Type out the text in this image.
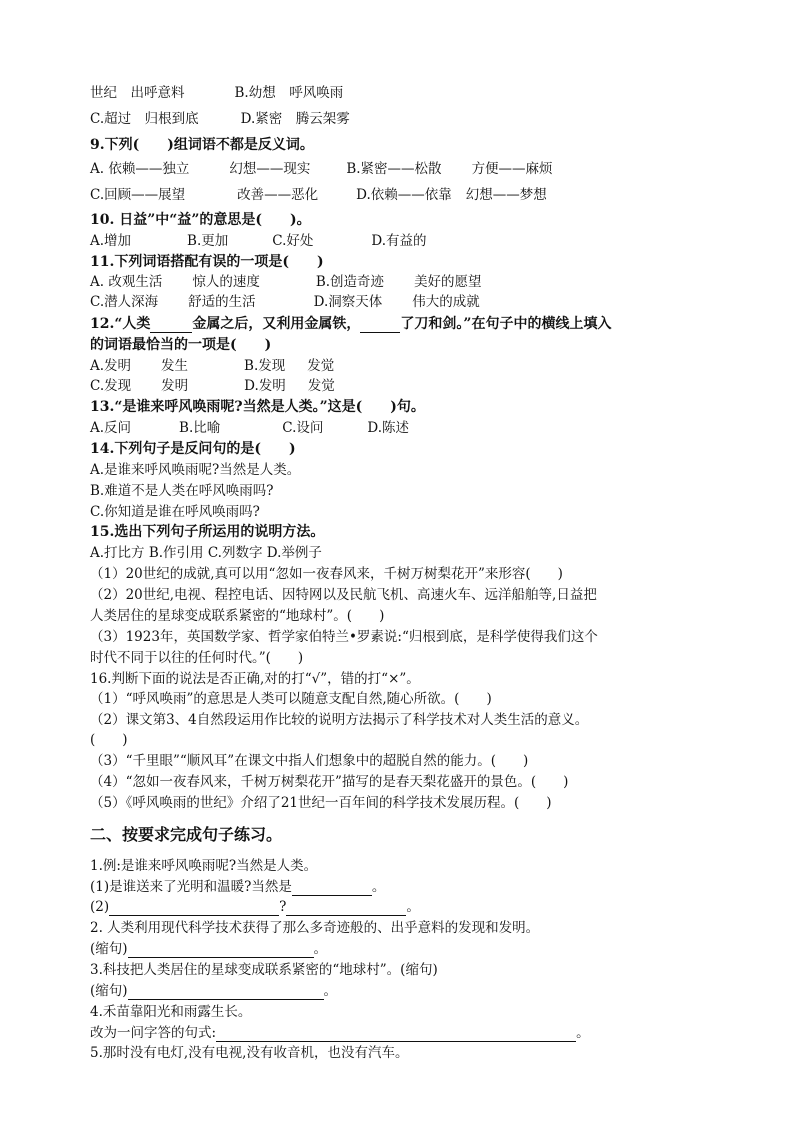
世纪　出呼意料	B.幼想　呼风唤雨
C.超过　归根到底	D.紧密　腾云架雾
9.下列(　　)组词语不都是反义词。
A. 依赖——独立	幻想——现实	B.紧密——松散 方便——麻烦
C.回顾——展望	改善——恶化	D.依赖——依靠 幻想——梦想
10. 日益”中“益”的意思是(　　)。
A.增加	B.更加	C.好处	D.有益的
11.下列词语搭配有误的一项是(　　)
A. 改观生活 惊人的速度	B.创造奇迹 美好的愿望
C.潜人深海 舒适的生活	D.洞察天体 伟大的成就
12.“人类	金属之后，又利用金属铁，	了刀和剑。”在句子中的横线上填入
的词语最恰当的一项是(　　)
A.发明 发生	B.发现 发觉
C.发现 发明	D.发明 发觉
13.“是谁来呼风唤雨呢?当然是人类。”这是(　　)句。
A.反问	B.比喻	C.设问	D.陈述
14.下列句子是反问句的是(　　)
A.是谁来呼风唤雨呢?当然是人类。
B.难道不是人类在呼风唤雨吗?
C.你知道是谁在呼风唤雨吗?
15.选出下列句子所运用的说明方法。
A.打比方 B.作引用 C.列数字 D.举例子
（1）20世纪的成就,真可以用“忽如一夜春风来，千树万树梨花开”来形容(　　)
（2）20世纪,电视、程控电话、因特网以及民航飞机、高速火车、远洋船舶等,日益把
人类居住的星球变成联系紧密的“地球村”。(　　)
（3）1923年，英国数学家、哲学家伯特兰•罗素说:“归根到底，是科学使得我们这个
时代不同于以往的任何时代。”(　　)
16.判断下面的说法是否正确,对的打“√”，错的打“×”。
（1）“呼风唤雨”的意思是人类可以随意支配自然,随心所欲。(　　)
（2）课文第3、4自然段运用作比较的说明方法揭示了科学技术对人类生活的意义。
(　　)
（3）“千里眼”“顺风耳”在课文中指人们想象中的超脱自然的能力。(　　)
（4）“忽如一夜春风来，千树万树梨花开”描写的是春天梨花盛开的景色。(　　)
（5）《呼风唤雨的世纪》介绍了21世纪一百年间的科学技术发展历程。(　　)
二、按要求完成句子练习。
1.例:是谁来呼风唤雨呢?当然是人类。
(1)是谁送来了光明和温暖?当然是	。
(2)	?	。
2. 人类利用现代科学技术获得了那么多奇迹般的、出乎意料的发现和发明。
(缩句)	。
3.科技把人类居住的星球变成联系紧密的“地球村”。(缩句)
(缩句)	。
4.禾苗靠阳光和雨露生长。
改为一问字答的句式:	。
5.那时没有电灯,没有电视,没有收音机，也没有汽车。
